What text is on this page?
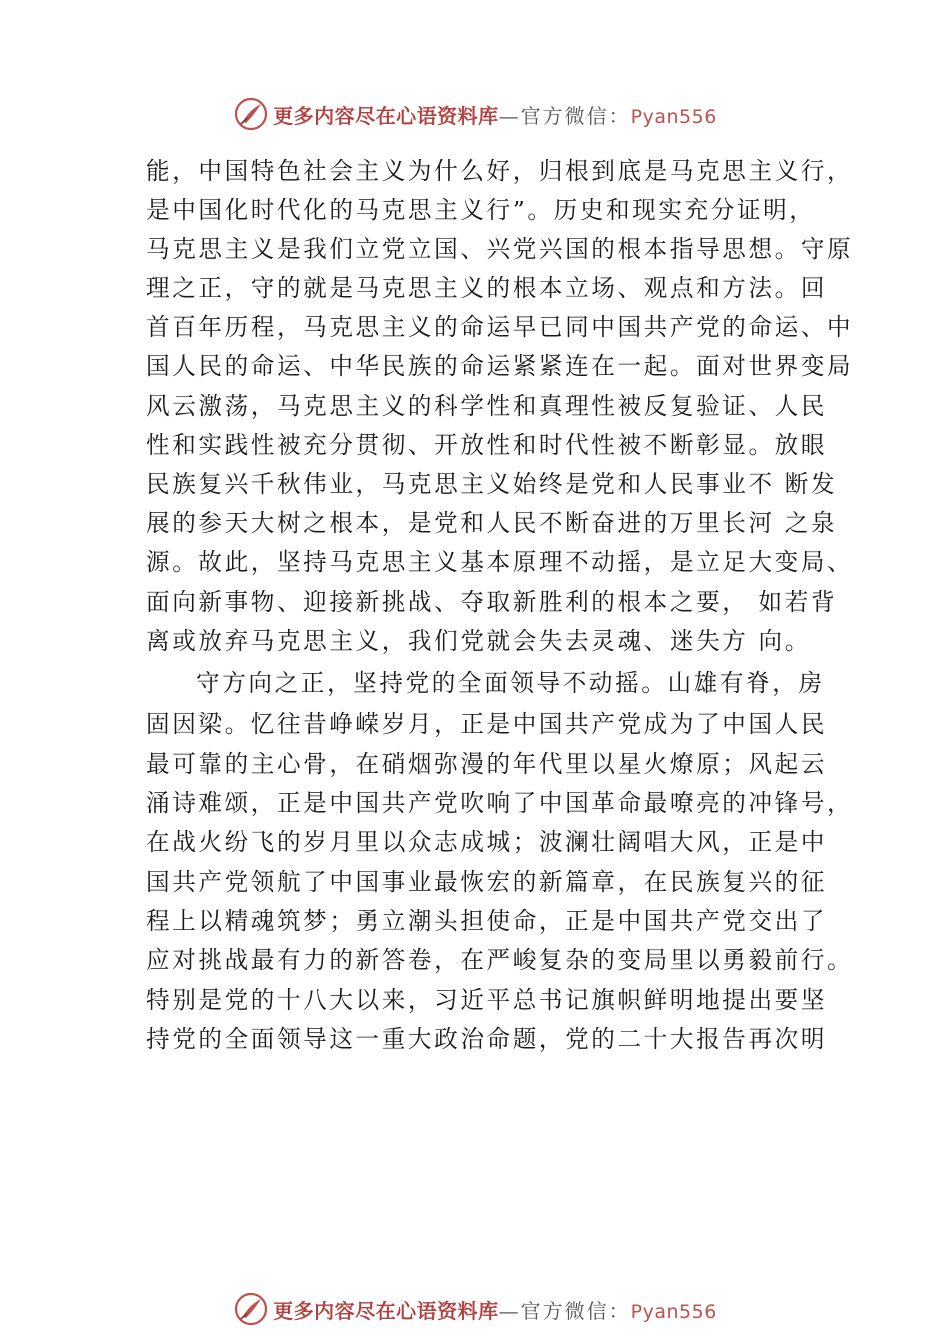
更多内容尽在心语资料库—官方微信：Pyan556
能，中国特色社会主义为什么好，归根到底是马克思主义行，
是中国化时代化的马克思主义行”。历史和现实充分证明，
马克思主义是我们立党立国、兴党兴国的根本指导思想。守原
理之正，守的就是马克思主义的根本立场、观点和方法。回
首百年历程，马克思主义的命运早已同中国共产党的命运、中
国人民的命运、中华民族的命运紧紧连在一起。面对世界变局
风云激荡，马克思主义的科学性和真理性被反复验证、人民
性和实践性被充分贯彻、开放性和时代性被不断彰显。放眼
民族复兴千秋伟业，马克思主义始终是党和人民事业不 断发
展的参天大树之根本，是党和人民不断奋进的万里长河 之泉
源。故此，坚持马克思主义基本原理不动摇，是立足大变局、
面向新事物、迎接新挑战、夺取新胜利的根本之要， 如若背
离或放弃马克思主义，我们党就会失去灵魂、迷失方 向。
守方向之正，坚持党的全面领导不动摇。山雄有脊，房
固因梁。忆往昔峥嵘岁月，正是中国共产党成为了中国人民
最可靠的主心骨，在硝烟弥漫的年代里以星火燎原；风起云
涌诗难颂，正是中国共产党吹响了中国革命最嘹亮的冲锋号，
在战火纷飞的岁月里以众志成城；波澜壮阔唱大风，正是中
国共产党领航了中国事业最恢宏的新篇章，在民族复兴的征
程上以精魂筑梦；勇立潮头担使命，正是中国共产党交出了
应对挑战最有力的新答卷，在严峻复杂的变局里以勇毅前行。
特别是党的十八大以来，习近平总书记旗帜鲜明地提出要坚
持党的全面领导这一重大政治命题，党的二十大报告再次明
更多内容尽在心语资料库—官方微信：Pyan556
